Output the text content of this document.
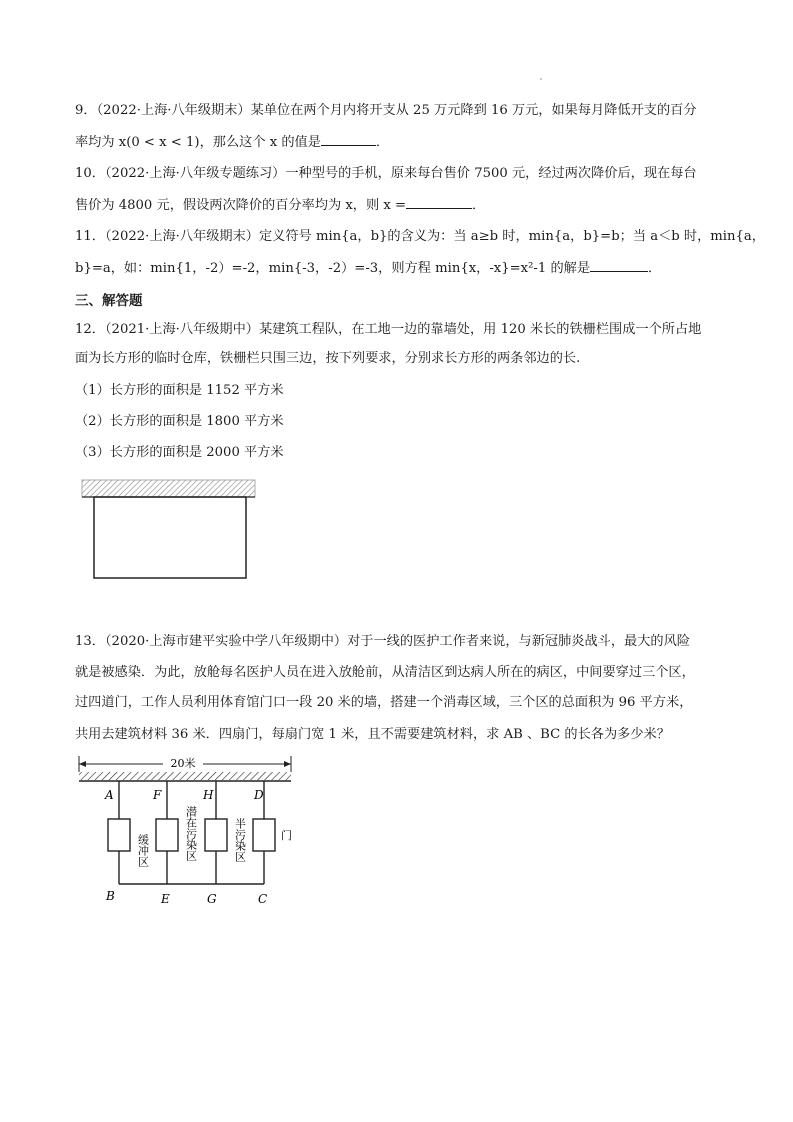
9．（2022·上海·八年级期末）某单位在两个月内将开支从 25 万元降到 16 万元，如果每月降低开支的百分
率均为 x(0 < x < 1)，那么这个 x 的值是	．
10．（2022·上海·八年级专题练习）一种型号的手机，原来每台售价 7500 元，经过两次降价后，现在每台
售价为 4800 元，假设两次降价的百分率均为 x，则 x =	．
11．（2022·上海·八年级期末）定义符号 min{a，b}的含义为：当 a≥b 时，min{a，b}=b；当 a＜b 时，min{a，
b}=a，如：min{1，-2）=-2，min{-3，-2）=-3，则方程 min{x，-x}=x²-1 的解是	．
三、解答题
12．（2021·上海·八年级期中）某建筑工程队，在工地一边的靠墙处，用 120 米长的铁栅栏围成一个所占地
面为长方形的临时仓库，铁栅栏只围三边，按下列要求，分别求长方形的两条邻边的长.
（1）长方形的面积是 1152 平方米
（2）长方形的面积是 1800 平方米
（3）长方形的面积是 2000 平方米
13．（2020·上海市建平实验中学八年级期中）对于一线的医护工作者来说，与新冠肺炎战斗，最大的风险
就是被感染．为此，放舱每名医护人员在进入放舱前，从清洁区到达病人所在的病区，中间要穿过三个区，
过四道门，工作人员利用体育馆门口一段 20 米的墙，搭建一个消毒区域，三个区的总面积为 96 平方米，
共用去建筑材料 36 米．四扇门，每扇门宽 1 米，且不需要建筑材料，求 AB 、BC 的长各为多少米？
20米
A	F	H	D
缓冲区	潜在污染区	半污染区	门
B	E	G	C
